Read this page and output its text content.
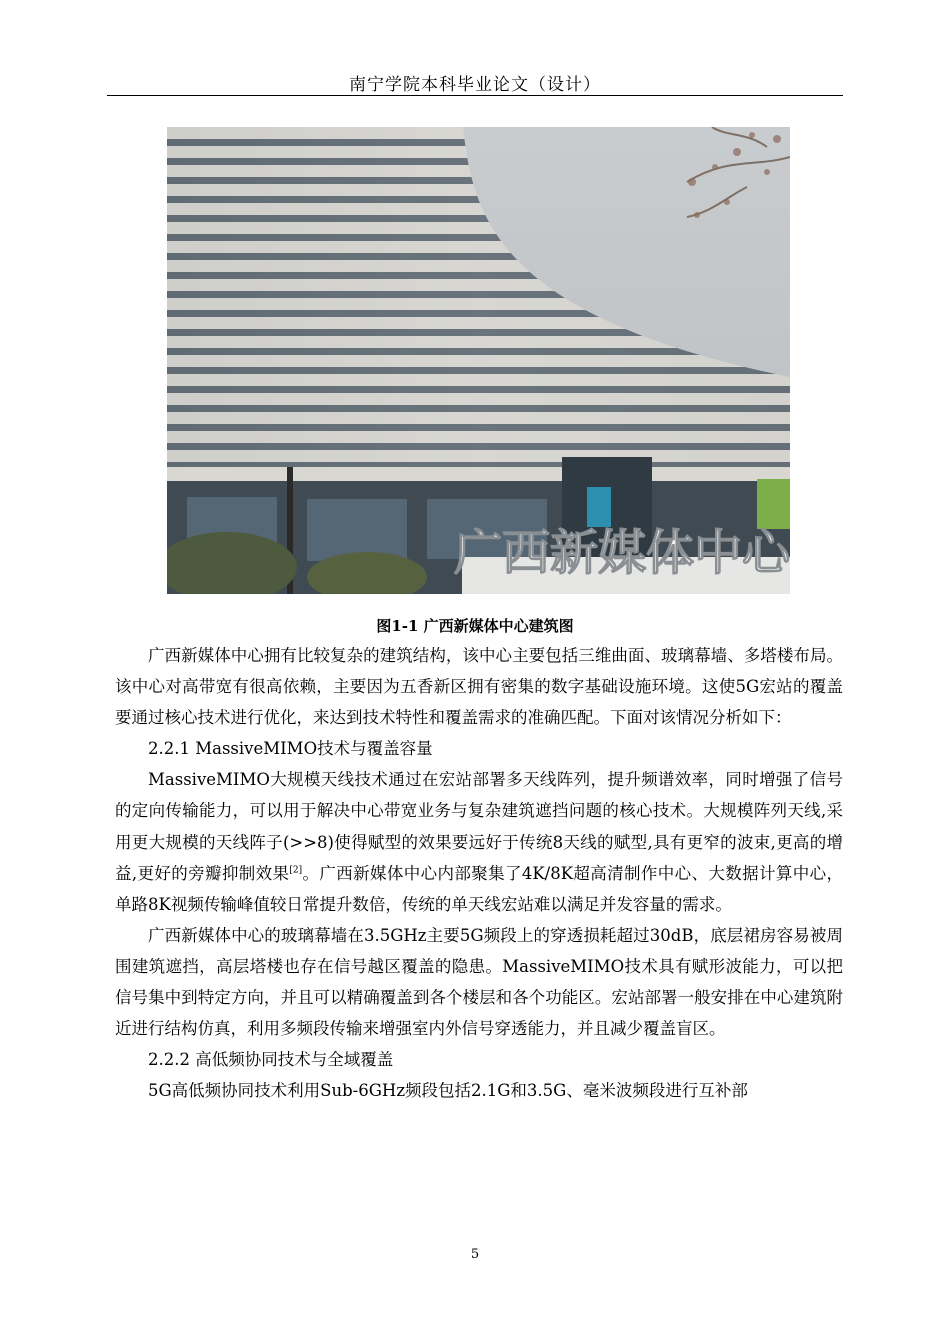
南宁学院本科毕业论文（设计）
广西新媒体中心
图1-1 广西新媒体中心建筑图

广西新媒体中心拥有比较复杂的建筑结构，该中心主要包括三维曲面、玻璃幕墙、多塔楼布局。该中心对高带宽有很高依赖，主要因为五香新区拥有密集的数字基础设施环境。这使5G宏站的覆盖要通过核心技术进行优化，来达到技术特性和覆盖需求的准确匹配。下面对该情况分析如下：

2.2.1 MassiveMIMO技术与覆盖容量

MassiveMIMO大规模天线技术通过在宏站部署多天线阵列，提升频谱效率，同时增强了信号的定向传输能力，可以用于解决中心带宽业务与复杂建筑遮挡问题的核心技术。大规模阵列天线,采用更大规模的天线阵子(>>8)使得赋型的效果要远好于传统8天线的赋型,具有更窄的波束,更高的增益,更好的旁瓣抑制效果[2]。广西新媒体中心内部聚集了4K/8K超高清制作中心、大数据计算中心，单路8K视频传输峰值较日常提升数倍，传统的单天线宏站难以满足并发容量的需求。

广西新媒体中心的玻璃幕墙在3.5GHz主要5G频段上的穿透损耗超过30dB，底层裙房容易被周围建筑遮挡，高层塔楼也存在信号越区覆盖的隐患。MassiveMIMO技术具有赋形波能力，可以把信号集中到特定方向，并且可以精确覆盖到各个楼层和各个功能区。宏站部署一般安排在中心建筑附近进行结构仿真，利用多频段传输来增强室内外信号穿透能力，并且减少覆盖盲区。

2.2.2 高低频协同技术与全域覆盖

5G高低频协同技术利用Sub-6GHz频段包括2.1G和3.5G、毫米波频段进行互补部

5
